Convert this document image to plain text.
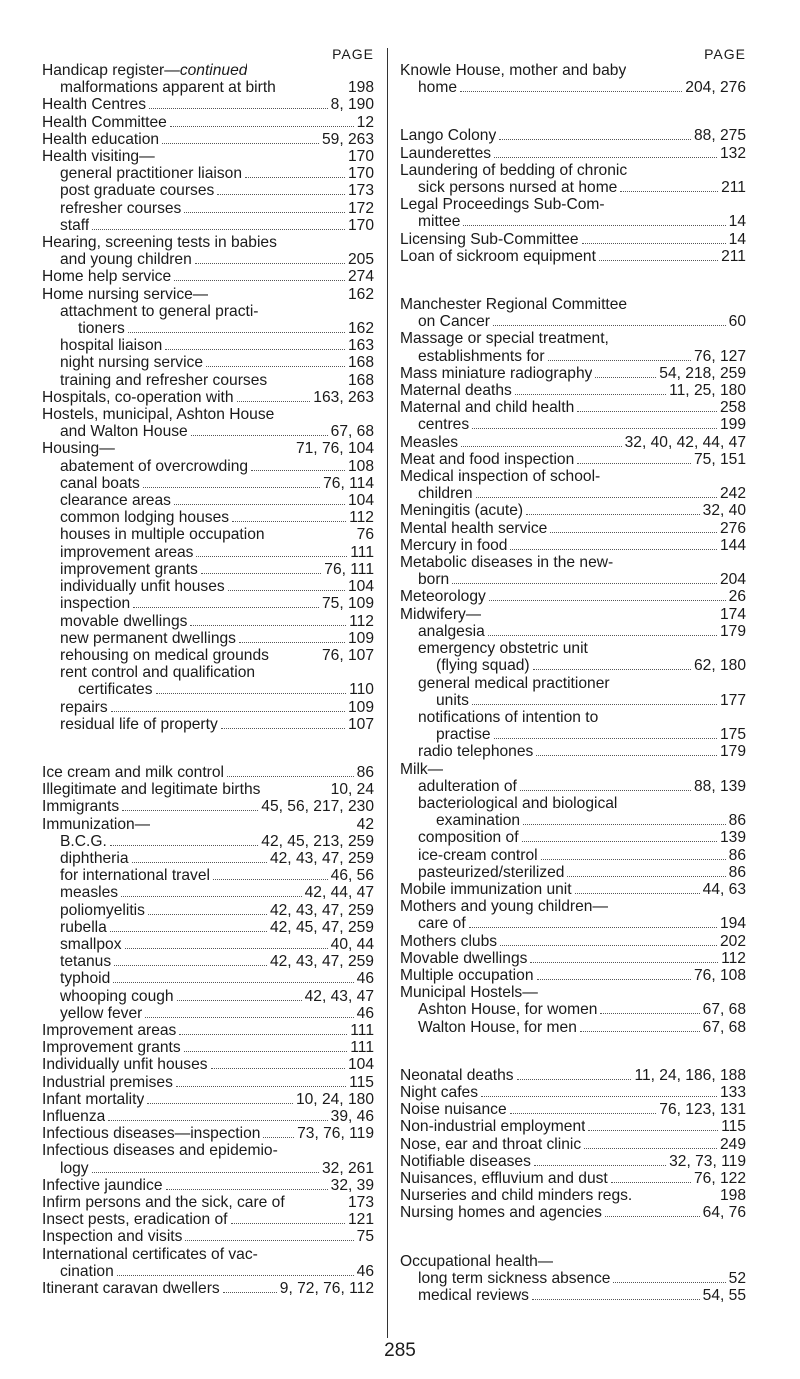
PAGE
Handicap register—continued
malformations apparent at birth	198
Health Centres	8, 190
Health Committee	12
Health education	59, 263
Health visiting—	170
general practitioner liaison	170
post graduate courses	173
refresher courses	172
staff	170
Hearing, screening tests in babies
and young children	205
Home help service	274
Home nursing service—	162
attachment to general practi-
tioners	162
hospital liaison	163
night nursing service	168
training and refresher courses	168
Hospitals, co-operation with	163, 263
Hostels, municipal, Ashton House
and Walton House	67, 68
Housing—	71, 76, 104
abatement of overcrowding	108
canal boats	76, 114
clearance areas	104
common lodging houses	112
houses in multiple occupation	76
improvement areas	111
improvement grants	76, 111
individually unfit houses	104
inspection	75, 109
movable dwellings	112
new permanent dwellings	109
rehousing on medical grounds	76, 107
rent control and qualification
certificates	110
repairs	109
residual life of property	107
Ice cream and milk control	86
Illegitimate and legitimate births	10, 24
Immigrants	45, 56, 217, 230
Immunization—	42
B.C.G.	42, 45, 213, 259
diphtheria	42, 43, 47, 259
for international travel	46, 56
measles	42, 44, 47
poliomyelitis	42, 43, 47, 259
rubella	42, 45, 47, 259
smallpox	40, 44
tetanus	42, 43, 47, 259
typhoid	46
whooping cough	42, 43, 47
yellow fever	46
Improvement areas	111
Improvement grants	111
Individually unfit houses	104
Industrial premises	115
Infant mortality	10, 24, 180
Influenza	39, 46
Infectious diseases—inspection 73, 76, 119
Infectious diseases and epidemio-
logy	32, 261
Infective jaundice	32, 39
Infirm persons and the sick, care of	173
Insect pests, eradication of	121
Inspection and visits	75
International certificates of vac-
cination	46
Itinerant caravan dwellers	9, 72, 76, 112
PAGE
Knowle House, mother and baby
home	204, 276
Lango Colony	88, 275
Launderettes	132
Laundering of bedding of chronic
sick persons nursed at home	211
Legal Proceedings Sub-Com-
mittee	14
Licensing Sub-Committee	14
Loan of sickroom equipment	211
Manchester Regional Committee
on Cancer	60
Massage or special treatment,
establishments for	76, 127
Mass miniature radiography	54, 218, 259
Maternal deaths	11, 25, 180
Maternal and child health	258
centres	199
Measles	32, 40, 42, 44, 47
Meat and food inspection	75, 151
Medical inspection of school-
children	242
Meningitis (acute)	32, 40
Mental health service	276
Mercury in food	144
Metabolic diseases in the new-
born	204
Meteorology	26
Midwifery—	174
analgesia	179
emergency obstetric unit
(flying squad)	62, 180
general medical practitioner
units	177
notifications of intention to
practise	175
radio telephones	179
Milk—
adulteration of	88, 139
bacteriological and biological
examination	86
composition of	139
ice-cream control	86
pasteurized/sterilized	86
Mobile immunization unit	44, 63
Mothers and young children—
care of	194
Mothers clubs	202
Movable dwellings	112
Multiple occupation	76, 108
Municipal Hostels—
Ashton House, for women	67, 68
Walton House, for men	67, 68
Neonatal deaths	11, 24, 186, 188
Night cafes	133
Noise nuisance	76, 123, 131
Non-industrial employment	115
Nose, ear and throat clinic	249
Notifiable diseases	32, 73, 119
Nuisances, effluvium and dust	76, 122
Nurseries and child minders regs.	198
Nursing homes and agencies	64, 76
Occupational health—
long term sickness absence	52
medical reviews	54, 55
285
